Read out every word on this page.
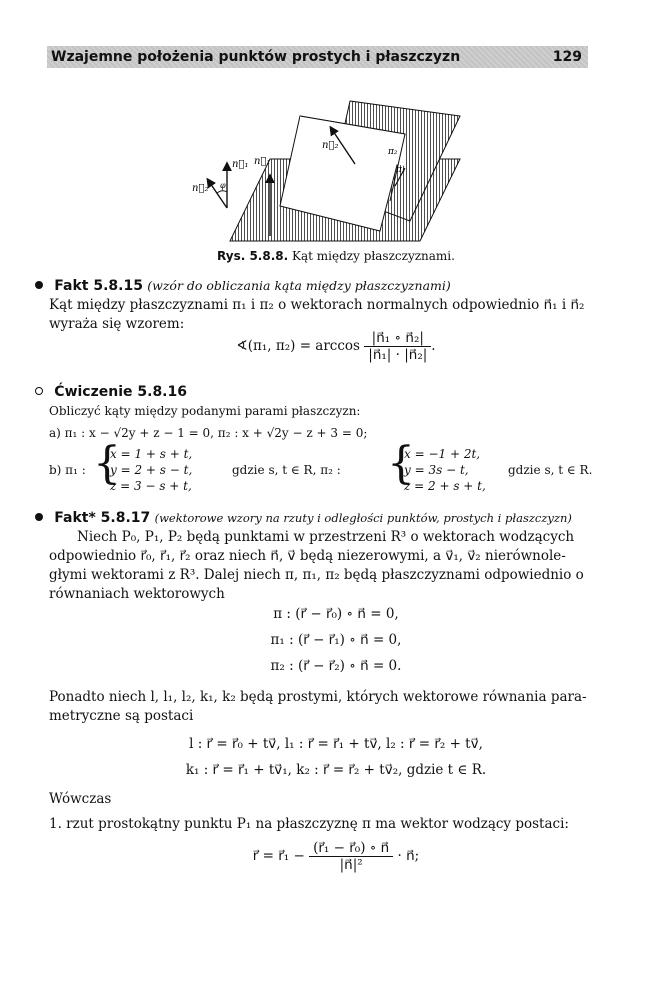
Wzajemne położenia punktów prostych i płaszczyzn	129
n⃗₁
n⃗₂ φ
n⃗₁
n⃗₂
π₂
π₁
Rys. 5.8.8. Kąt między płaszczyznami.
Fakt 5.8.15 (wzór do obliczania kąta między płaszczyznami)

Kąt między płaszczyznami π₁ i π₂ o wektorach normalnych odpowiednio n⃗₁ i n⃗₂

wyraża się wzorem:

∢(π₁, $\pi_2) = \arccos \frac{\text{|n⃗₁ ∘ n⃗₂|}}{\text{|n⃗₁| · |n⃗₂|}}$ .
Ćwiczenie 5.8.16

Obliczyć kąty między podanymi parami płaszczyzn:

a) π₁ : x − √2y + z − 1 = 0, π₂ : x + √2y − z + 3 = 0;

b) π₁ : {
x = 1 + s + t,
y = 2 + s − t,
z = 3 − s + t,
gdzie s, t ∈ R, π₂ : {
x = −1 + 2t,
y = 3s − t,
z = 2 + s + t,
gdzie s, t ∈ R.
Fakt* 5.8.17 (wektorowe wzory na rzuty i odległości punktów, prostych i płaszczyzn)

Niech P₀, P₁, P₂ będą punktami w przestrzeni R³ o wektorach wodzących

odpowiednio r⃗₀, r⃗₁, r⃗₂ oraz niech n⃗, v⃗ będą niezerowymi, a v⃗₁, v⃗₂ nierównole-

głymi wektorami z R³. Dalej niech π, π₁, π₂ będą płaszczyznami odpowiednio o

równaniach wektorowych

π : (r⃗ − r⃗₀) ∘ n⃗ = 0,
π₁ : (r⃗ − r⃗₁) ∘ n⃗ = 0,
π₂ : (r⃗ − r⃗₂) ∘ n⃗ = 0.

Ponadto niech l, l₁, l₂, k₁, k₂ będą prostymi, których wektorowe równania para-

metryczne są postaci

l : r⃗ = r⃗₀ + tv⃗, l₁ : r⃗ = r⃗₁ + tv⃗, l₂ : r⃗ = r⃗₂ + tv⃗,
k₁ : r⃗ = r⃗₁ + tv⃗₁, k₂ : r⃗ = r⃗₂ + tv⃗₂, gdzie t ∈ R.

Wówczas

1. rzut prostokątny punktu P₁ na płaszczyznę π ma wektor wodzący postaci:

r⃗ = r⃗₁ − $\frac{\text{(r⃗₁ − r⃗₀) ∘ n⃗}}{\text{|n⃗|²}}$ · n⃗;
